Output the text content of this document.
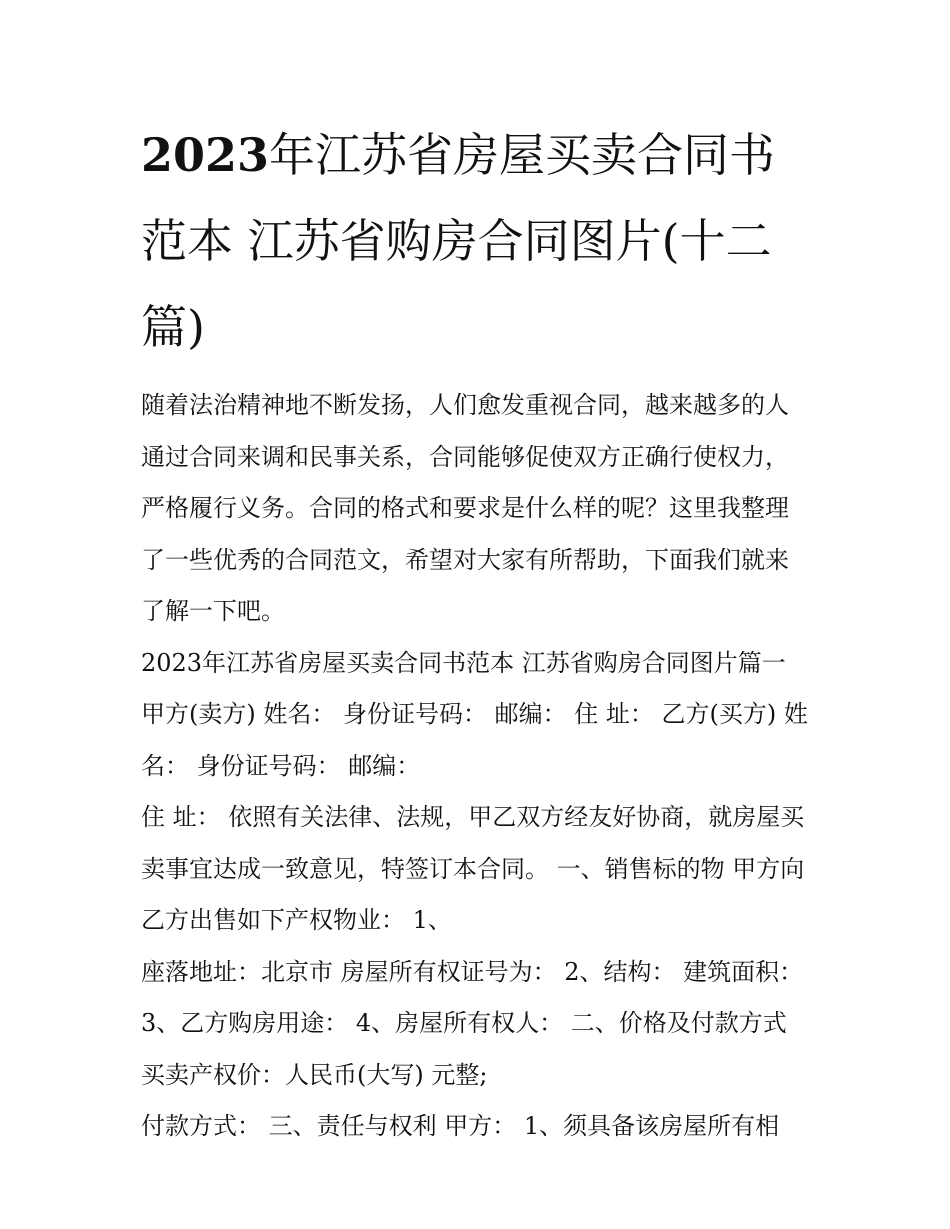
2023年江苏省房屋买卖合同书范本 江苏省购房合同图片(十二篇)

随着法治精神地不断发扬，人们愈发重视合同，越来越多的人通过合同来调和民事关系，合同能够促使双方正确行使权力，严格履行义务。合同的格式和要求是什么样的呢？这里我整理了一些优秀的合同范文，希望对大家有所帮助，下面我们就来了解一下吧。

2023年江苏省房屋买卖合同书范本 江苏省购房合同图片篇一

甲方(卖方) 姓名： 身份证号码： 邮编： 住 址： 乙方(买方) 姓名： 身份证号码： 邮编：

住 址： 依照有关法律、法规，甲乙双方经友好协商，就房屋买卖事宜达成一致意见，特签订本合同。 一、销售标的物 甲方向乙方出售如下产权物业： 1、

座落地址：北京市 房屋所有权证号为： 2、结构： 建筑面积： 3、乙方购房用途： 4、房屋所有权人： 二、价格及付款方式 买卖产权价：人民币(大写) 元整;

付款方式： 三、责任与权利 甲方： 1、须具备该房屋所有相
